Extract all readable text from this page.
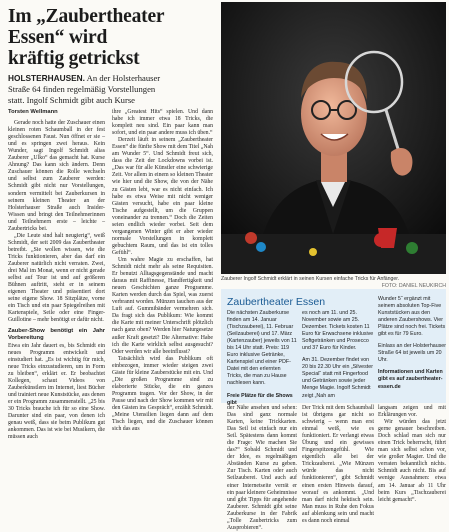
Im „Zaubertheater
Essen“ wird
kräftig getrickst
HOLSTERHAUSEN. An der Holsterhauser
Straße 64 finden regelmäßig Vorstellungen
statt. Ingolf Schmidt gibt auch Kurse
Zauberer Ingolf Schmidt erklärt in seinen Kursen einfache Tricks für Anfänger.
FOTO: DANIEL NEUKIRCH
Zaubertheater Essen

Torsten Wellmann

Gerade noch hatte der Zuschauer einen kleinen roten Schaumball in der fest geschlossenen Faust. Nun öffnet er sie – und es springen zwei heraus. Kein Wunder, sagt Ingolf Schmidt alias Zauberer „Ulko“ das gemacht hat. Kurse Ahnung? Das kann sich ändern. Denn Zuschauer können die Rolle wechseln und selbst zum Zauberer werden: Schmidt gibt nicht nur Vorstellungen, sondern vermittelt bei Zauberkursen in seinem kleinen Theater an der Holsterhauser Straße auch Insider-Wissen und bringt den Teilnehmerinnen und Teilnehmern erste – leichte – Zaubertricks bei.

„Die Leute sind halt neugierig“, weiß Schmidt, der seit 2009 das Zaubertheater betreibt. „Sie wollen wissen, wie die Tricks funktionieren, aber das darf ein Zauberer natürlich nicht verraten. Zwei, drei Mal im Monat, wenn er nicht gerade selbst auf Tour ist und auf größeren Bühnen auftritt, steht er in seinem eigenen Theater und präsentiert dort seine eigene Show. 18 Sitzplätze, vorne ein Tisch und ein paar Spiegelreihen mit Kartenspiele, Seile oder eine Finger-Guillotine – mehr benötigt er dafür nicht.

Zauber-Show benötigt ein Jahr Vorbereitung

Etwa ein Jahr dauert es, bis Schmidt ein neues Programm entwickelt und einstudiert hat. „Es ist wichtig für mich, neue Tricks einzustudieren, um in Form zu bleiben“, erklärt er. Er beobachtet Kollegen, schaut Videos von Zauberkünstlern im Internet, liest Bücher und trainiert neue Kunststücke, aus denen er ein Programm zusammenstellt. „25 bis 30 Tricks brauche ich für so eine Show. Darunter sind ein paar, von denen ich genau weiß, dass sie beim Publikum gut ankommen. Das ist wie bei Musikern, die müssen auch

ihre „Greatest Hits“ spielen. Und dann habe ich immer etwa 18 Tricks, die komplett neu sind. Ein paar kann man sofort, und ein paar andere muss ich üben.“

Derzeit läuft in seinem „Zaubertheater Essen“ die fünfte Show mit dem Titel „Nah am Wunder 5“. Und Schmidt freut sich, dass die Zeit der Lockdowns vorbei ist. „Das war für alle Künstler eine schwierige Zeit. Vor allem in einem so kleinen Theater wie hier und die Show, die von der Nähe zu Gästen lebt, war es nicht einfach. Ich habe es etwa Weise mit nicht weniger Gästen versucht, habe ein paar kleine Tische aufgestellt, um die Gruppen voneinander zu trennen.“ Doch die Zeiten seien endlich wieder vorbei. Seit dem vergangenen Winter gibt er aber wieder normale Vorstellungen in komplett gebuchtem Raum, und das ist ein tolles Gefühl“.

Um wahre Magie zu erschaffen, hat Schmidt nicht mehr als seine Requisiten. Er benutzt Alltagsgegenstände und macht daraus mit Raffinesse, Handfertigkeit und neuen Geschichten ganze Programme. Karten werden durch das Spiel, was zuerst verbrannt worden. Münzen tauchen aus der Luft auf. Gummibänder vermehren sich. Da fragt sich das Publikum: Wie kommt die Karte mit meiner Unterschrift plötzlich nach ganz oben? Werden hier Naturgesetze außer Kraft gesetzt? Die Alternative: Habe ich die Karte wirklich selbst ausgesucht? Oder werden wir alle beeinflusst?

Tatsächlich wird das Publikum oft einbezogen, immer wieder steigen zwei Gäste für kleine Zauberstücke mit ein. Und „Die großen Programme sind zu elaborierte Stücke, die ein ganzes Programm tragen. Vor der Show, in der Pause und nach der Show kommen wir mit den Gästen ins Gespräch“, erzählt Schmidt. „Meine Utensilien liegen dann auf dem Tisch liegen, und die Zuschauer können sich das aus

Die nächsten Zauberkurse finden am 14. Januar (Tischzauberei), 11. Februar (Seilzauberei) und 17. März (Kartenzauber) jeweils von 11 bis 14 Uhr statt. Preis: 119 Euro inklusive Getränke, Kartenspiel und einer PDF-Datei mit den erlernten Tricks, die man zu Hause nachlesen kann.

Freie Plätze für die Shows gibt

der Nähe ansehen und sehen: Das sind ganz normale Karten, keine Trickkarten. Das Seil ist einfach nur ein Seil. Spätestens dann kommt die Frage: Wie machen Sie das?“ Sobald Schmidt und der Idee, es regelmäßigen Abständen Kurse zu geben. Zur Tisch. Karten oder auch Seilzauberei. Und auch auf einer Internetseite verrät er ein paar kleinere Geheimnisse und gibt Tipps für angehende Zauberer. Schmidt gibt seine Zauberkurse in der Fabrik „Tolle Zaubertricks zum Ausprobieren“.

es noch am 11. und 25. November sowie am 25. Dezember. Tickets kosten 11 Euro für Erwachsene inklusive Softgetränken und Prosecco und 37 Euro für Kinder.

Am 31. Dezember findet von 20 bis 22.30 Uhr ein „Silvester Special“ statt mit Fingerfood und Getränken sowie jeder Menge Magie. Ingolf Schmidt zeigt „Nah am

Der Trick mit dem Schaumball ist übrigens gar nicht so schwierig – wenn man erst einmal weiß, wie es funktioniert. Er verlangt etwas Übung und ein gewisses Fingerspitzengefühl. Wie eigentlich alle bei der Trickzauberei. „Wie Münzen würde das nicht funktionieren“, gibt Schmidt einen ersten Hinweis darauf, worauf es ankommt. „Und man darf nicht hektisch sein. Man muss in Ruhe den Fokus auf ablenkung sein und macht es dann noch einmal

Wunder 5“ ergänzt mit seinem absoluten Top-Five Kunststücken aus den anderen Zaubershows. Vier Plätze sind noch frei. Tickets gibt es für 79 Euro.

Einlass an der Holsterhauser Straße 64 ist jeweils um 20 Uhr.

Informationen und Karten gibt es auf zaubertheater-essen.de

langsam zeigen und mit Erklärungen vor.

Wir würden das jetzt gerne genauer beschreiben. Doch schlad man sich nur einen Trick beherrscht, führt man sich selbst schon vor, wie großer Magier. Und die verraten bekanntlich nichts. Schmidt auch nicht. Bis auf wenige Ausnahmen: etwa am 14. Januar ab 11 Uhr beim Kurs „Tischzauberei leicht gemacht“.
